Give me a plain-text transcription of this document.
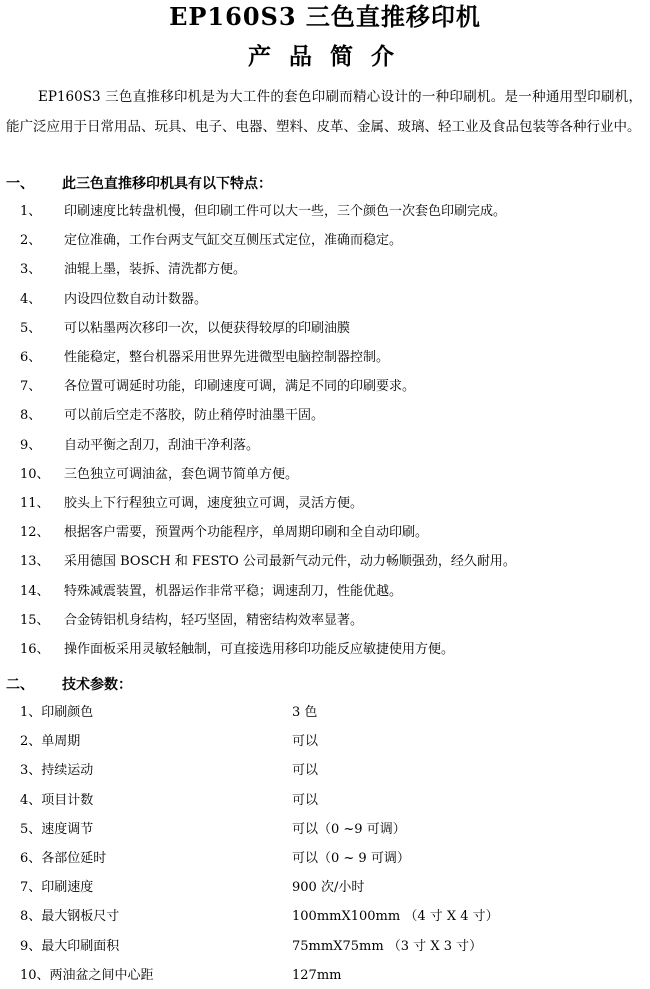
EP160S3 三色直推移印机
产品简介
EP160S3 三色直推移印机是为大工件的套色印刷而精心设计的一种印刷机。是一种通用型印刷机，能广泛应用于日常用品、玩具、电子、电器、塑料、皮革、金属、玻璃、轻工业及食品包装等各种行业中。
一、 此三色直推移印机具有以下特点：
1、 印刷速度比转盘机慢，但印刷工件可以大一些，三个颜色一次套色印刷完成。
2、 定位准确，工作台两支气缸交互侧压式定位，准确而稳定。
3、 油辊上墨，装拆、清洗都方便。
4、 内设四位数自动计数器。
5、 可以粘墨两次移印一次，以便获得较厚的印刷油膜
6、 性能稳定，整台机器采用世界先进微型电脑控制器控制。
7、 各位置可调延时功能，印刷速度可调，满足不同的印刷要求。
8、 可以前后空走不落胶，防止稍停时油墨干固。
9、 自动平衡之刮刀，刮油干净利落。
10、 三色独立可调油盆，套色调节简单方便。
11、 胶头上下行程独立可调，速度独立可调，灵活方便。
12、 根据客户需要，预置两个功能程序，单周期印刷和全自动印刷。
13、 采用德国 BOSCH 和 FESTO 公司最新气动元件，动力畅顺强劲，经久耐用。
14、 特殊减震装置，机器运作非常平稳；调速刮刀，性能优越。
15、 合金铸铝机身结构，轻巧坚固，精密结构效率显著。
16、 操作面板采用灵敏轻触制，可直接选用移印功能反应敏捷使用方便。
二、 技术参数：
1、印刷颜色	3 色
2、单周期	可以
3、持续运动	可以
4、项目计数	可以
5、速度调节	可以（0 ~9 可调）
6、各部位延时	可以（0 ~ 9 可调）
7、印刷速度	900 次/小时
8、最大钢板尺寸	100mmX100mm （4 寸 X 4 寸）
9、最大印刷面积	75mmX75mm （3 寸 X 3 寸）
10、两油盆之间中心距	127mm
